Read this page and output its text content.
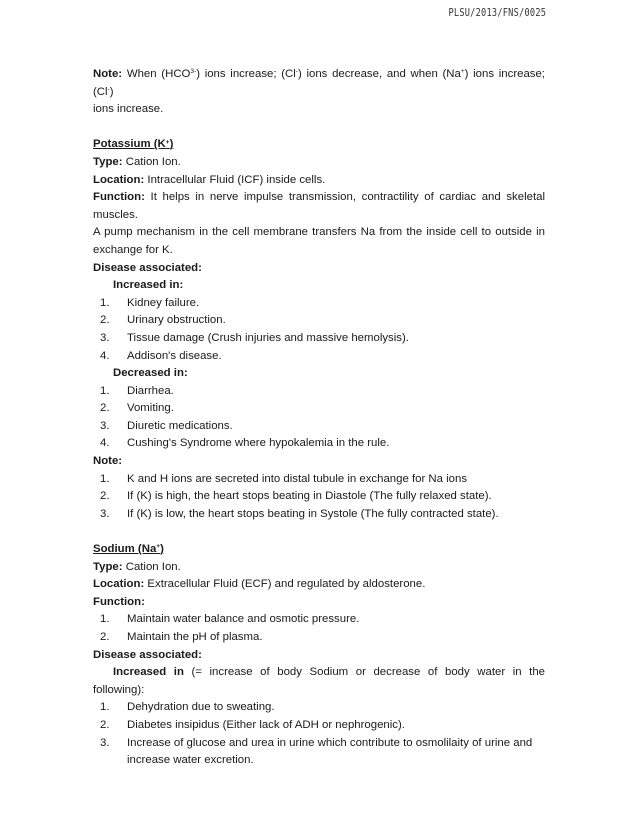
PLSU/2013/FNS/0025

Note: When $(HCO^{3-})$ ions increase; (Cl-) ions decrease, and when (Na+) ions increase; (Cl-)

ions increase.

Potassium (K+)

Type: Cation Ion.

Location: Intracellular Fluid (ICF) inside cells.

Function: It helps in nerve impulse transmission, contractility of cardiac and skeletal

muscles.

A pump mechanism in the cell membrane transfers Na from the inside cell to outside in

exchange for K.

Disease associated:

Increased in:

1. Kidney failure.
2. Urinary obstruction.
3. Tissue damage (Crush injuries and massive hemolysis).
4. Addison's disease.

Decreased in:

1. Diarrhea.
2. Vomiting.
3. Diuretic medications.
4. Cushing's Syndrome where hypokalemia in the rule.

Note:

1. K and H ions are secreted into distal tubule in exchange for Na ions
2. If (K) is high, the heart stops beating in Diastole (The fully relaxed state).
3. If (K) is low, the heart stops beating in Systole (The fully contracted state).

Sodium (Na+)

Type: Cation Ion.

Location: Extracellular Fluid (ECF) and regulated by aldosterone.

Function:

1. Maintain water balance and osmotic pressure.
2. Maintain the pH of plasma.

Disease associated:

Increased in (= increase of body Sodium or decrease of body water in the

following):

1. Dehydration due to sweating.
2. Diabetes insipidus (Either lack of ADH or nephrogenic).
3. Increase of glucose and urea in urine which contribute to osmolilaity of urine and

increase water excretion.
